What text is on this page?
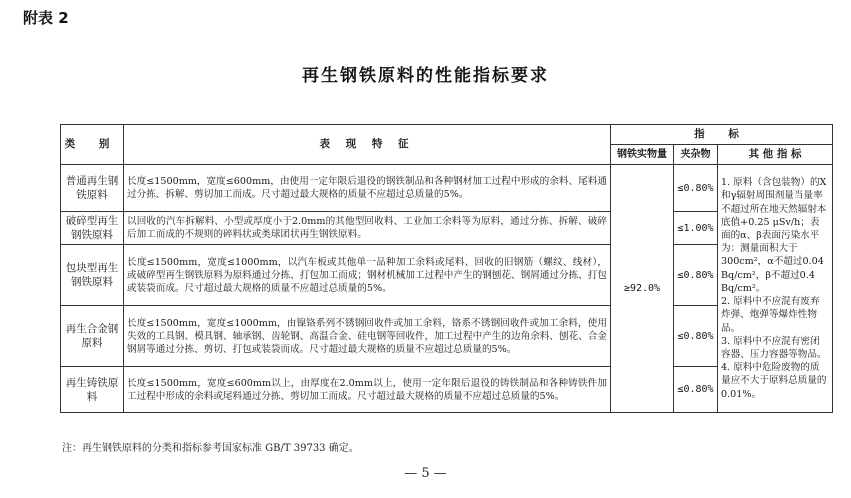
附表 2
再生钢铁原料的性能指标要求
类 别	表 现 特 征	指 标		
		钢铁实物量	夹杂物	其 他 指 标
普通再生钢铁原料	长度≤1500mm，宽度≤600mm，由使用一定年限后退役的钢铁制品和各种钢材加工过程中形成的余料、尾料通过分拣、拆解、剪切加工而成。尺寸超过最大规格的质量不应超过总质量的5%。	≥92.0%	≤0.80%	1. 原料（含包装物）的X和γ辐射周围剂量当量率不超过所在地天然辐射本底值+0.25 μSv/h；表面的α、β表面污染水平为：测量面积大于300cm²，α不超过0.04 Bq/cm²，β不超过0.4 Bq/cm²。
2. 原料中不应混有废弃炸弹、炮弹等爆炸性物品。
3. 原料中不应混有密闭容器、压力容器等物品。
4. 原料中危险废物的质量应不大于原料总质量的0.01%。

破碎型再生钢铁原料	以回收的汽车拆解料、小型或厚度小于2.0mm的其他型回收料、工业加工余料等为原料，通过分拣、拆解、破碎后加工而成的不规则的碎料状或类球团状再生钢铁原料。		≤1.00%	
包块型再生钢铁原料	长度≤1500mm，宽度≤1000mm，以汽车板或其他单一品种加工余料或尾料、回收的旧钢筋（螺纹、线材），或破碎型再生钢铁原料为原料通过分拣、打包加工而成；钢材机械加工过程中产生的钢刨花、钢屑通过分拣、打包或装袋而成。尺寸超过最大规格的质量不应超过总质量的5%。		≤0.80%	
再生合金钢原料	长度≤1500mm，宽度≤1000mm，由镍铬系列不锈钢回收件或加工余料，铬系不锈钢回收件或加工余料，使用失效的工具钢、模具钢、轴承钢、齿轮钢、高温合金、硅电钢等回收件，加工过程中产生的边角余料、刨花、合金钢屑等通过分拣、剪切、打包或装袋而成。尺寸超过最大规格的质量不应超过总质量的5%。		≤0.80%	
再生铸铁原料	长度≤1500mm，宽度≤600mm以上，由厚度在2.0mm以上，使用一定年限后退役的铸铁制品和各种铸铁件加工过程中形成的余料或尾料通过分拣、剪切加工而成。尺寸超过最大规格的质量不应超过总质量的5%。		≤0.80%	
注：再生钢铁原料的分类和指标参考国家标准 GB/T 39733 确定。
— 5 —
